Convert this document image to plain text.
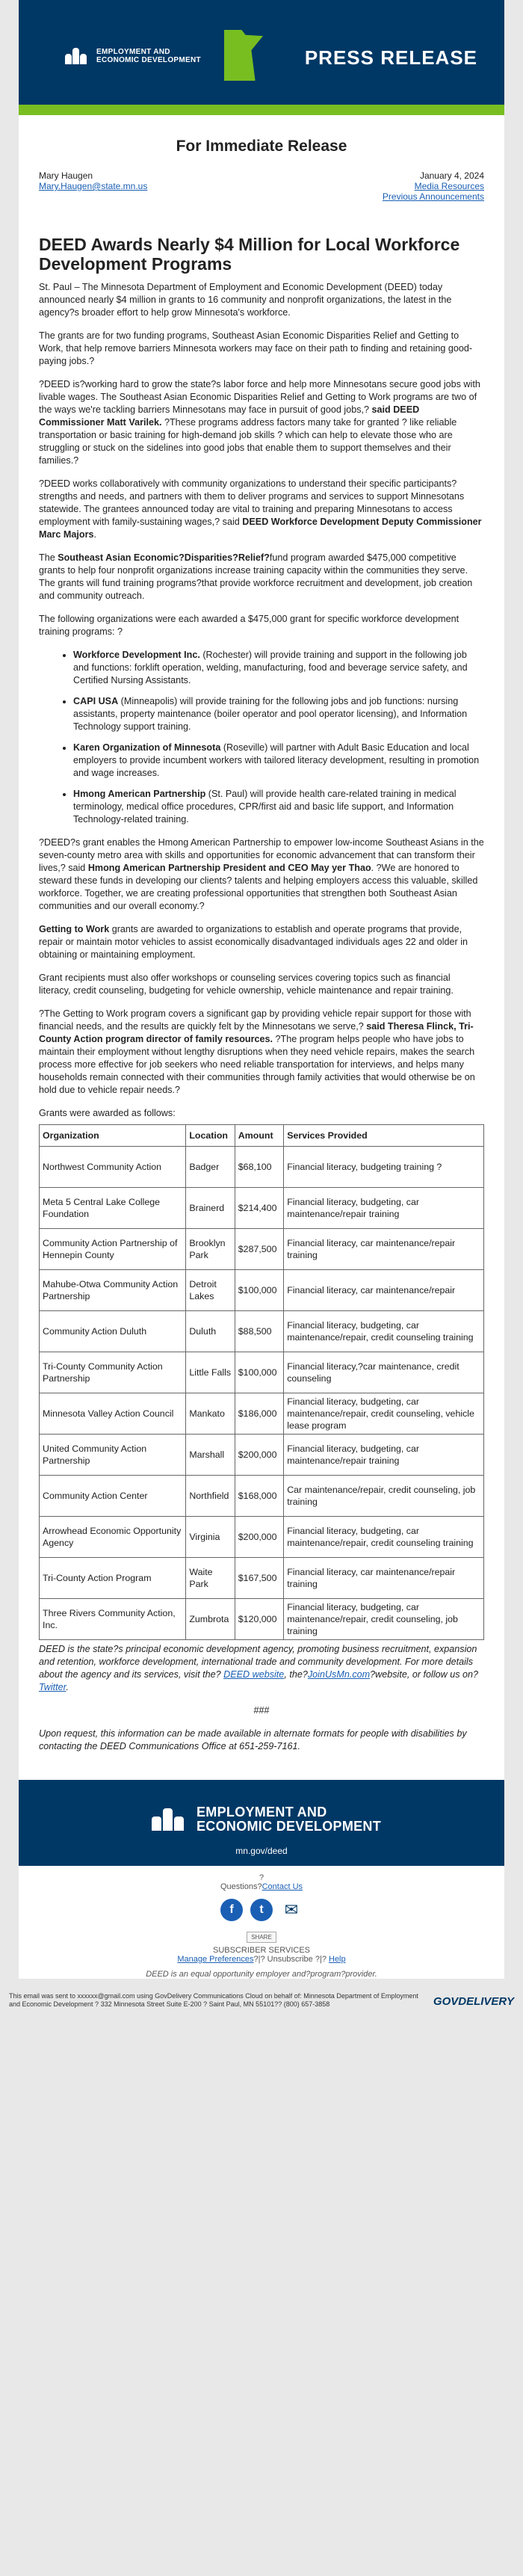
EMPLOYMENT AND
ECONOMIC DEVELOPMENT	PRESS RELEASE
For Immediate Release
Mary Haugen
Mary.Haugen@state.mn.us
January 4, 2024
Media Resources
Previous Announcements
DEED Awards Nearly $4 Million for Local Workforce Development Programs

St. Paul – The Minnesota Department of Employment and Economic Development (DEED) today announced nearly $4 million in grants to 16 community and nonprofit organizations, the latest in the agency?s broader effort to help grow Minnesota's workforce.

The grants are for two funding programs, Southeast Asian Economic Disparities Relief and Getting to Work, that help remove barriers Minnesota workers may face on their path to finding and retaining good-paying jobs.?

?DEED is?working hard to grow the state?s labor force and help more Minnesotans secure good jobs with livable wages. The Southeast Asian Economic Disparities Relief and Getting to Work programs are two of the ways we're tackling barriers Minnesotans may face in pursuit of good jobs,? said DEED Commissioner Matt Varilek. ?These programs address factors many take for granted ? like reliable transportation or basic training for high-demand job skills ? which can help to elevate those who are struggling or stuck on the sidelines into good jobs that enable them to support themselves and their families.?

?DEED works collaboratively with community organizations to understand their specific participants? strengths and needs, and partners with them to deliver programs and services to support Minnesotans statewide. The grantees announced today are vital to training and preparing Minnesotans to access employment with family-sustaining wages,? said DEED Workforce Development Deputy Commissioner Marc Majors.

The Southeast Asian Economic?Disparities?Relief?fund program awarded $475,000 competitive grants to help four nonprofit organizations increase training capacity within the communities they serve. The grants will fund training programs?that provide workforce recruitment and development, job creation and community outreach.

The following organizations were each awarded a $475,000 grant for specific workforce development training programs: ?

• Workforce Development Inc. (Rochester) will provide training and support in the following job and functions: forklift operation, welding, manufacturing, food and beverage service safety, and Certified Nursing Assistants.
• CAPI USA (Minneapolis) will provide training for the following jobs and job functions: nursing assistants, property maintenance (boiler operator and pool operator licensing), and Information Technology support training.
• Karen Organization of Minnesota (Roseville) will partner with Adult Basic Education and local employers to provide incumbent workers with tailored literacy development, resulting in promotion and wage increases.
• Hmong American Partnership (St. Paul) will provide health care-related training in medical terminology, medical office procedures, CPR/first aid and basic life support, and Information Technology-related training.

?DEED?s grant enables the Hmong American Partnership to empower low-income Southeast Asians in the seven-county metro area with skills and opportunities for economic advancement that can transform their lives,? said Hmong American Partnership President and CEO May yer Thao. ?We are honored to steward these funds in developing our clients? talents and helping employers access this valuable, skilled workforce. Together, we are creating professional opportunities that strengthen both Southeast Asian communities and our overall economy.?

Getting to Work grants are awarded to organizations to establish and operate programs that provide, repair or maintain motor vehicles to assist economically disadvantaged individuals ages 22 and older in obtaining or maintaining employment.

Grant recipients must also offer workshops or counseling services covering topics such as financial literacy, credit counseling, budgeting for vehicle ownership, vehicle maintenance and repair training.

?The Getting to Work program covers a significant gap by providing vehicle repair support for those with financial needs, and the results are quickly felt by the Minnesotans we serve,? said Theresa Flinck, Tri-County Action program director of family resources. ?The program helps people who have jobs to maintain their employment without lengthy disruptions when they need vehicle repairs, makes the search process more effective for job seekers who need reliable transportation for interviews, and helps many households remain connected with their communities through family activities that would otherwise be on hold due to vehicle repair needs.?

Grants were awarded as follows:

Organization	Location	Amount	Services Provided
Northwest Community Action	Badger	$68,100	Financial literacy, budgeting training ?
Meta 5 Central Lake College Foundation	Brainerd	$214,400	Financial literacy, budgeting, car maintenance/repair training
Community Action Partnership of Hennepin County	Brooklyn Park	$287,500	Financial literacy, car maintenance/repair training
Mahube-Otwa Community Action Partnership	Detroit Lakes	$100,000	Financial literacy, car maintenance/repair
Community Action Duluth	Duluth	$88,500	Financial literacy, budgeting, car maintenance/repair, credit counseling training
Tri-County Community Action Partnership	Little Falls	$100,000	Financial literacy,?car maintenance, credit counseling
Minnesota Valley Action Council	Mankato	$186,000	Financial literacy, budgeting, car maintenance/repair, credit counseling, vehicle lease program
United Community Action Partnership	Marshall	$200,000	Financial literacy, budgeting, car maintenance/repair training
Community Action Center	Northfield	$168,000	Car maintenance/repair, credit counseling, job training
Arrowhead Economic Opportunity Agency	Virginia	$200,000	Financial literacy, budgeting, car maintenance/repair, credit counseling training
Tri-County Action Program	Waite Park	$167,500	Financial literacy, car maintenance/repair training
Three Rivers Community Action, Inc.	Zumbrota	$120,000	Financial literacy, budgeting, car maintenance/repair, credit counseling, job training

DEED is the state?s principal economic development agency, promoting business recruitment, expansion and retention, workforce development, international trade and community development. For more details about the agency and its services, visit the? DEED website, the?JoinUsMn.com?website, or follow us on?Twitter.

###

Upon request, this information can be made available in alternate formats for people with disabilities by contacting the DEED Communications Office at 651-259-7161.

EMPLOYMENT AND
ECONOMIC DEVELOPMENT
mn.gov/deed
?
Questions?Contact Us
f	t	✉
SHARE
SUBSCRIBER SERVICES
Manage Preferences?|? Unsubscribe ?|? Help
DEED is an equal opportunity employer and?program?provider.
This email was sent to xxxxxx@gmail.com using GovDelivery Communications Cloud on behalf of: Minnesota Department of Employment and Economic Development ? 332 Minnesota Street Suite E-200 ? Saint Paul, MN 55101?? (800) 657-3858	GOVDELIVERY
